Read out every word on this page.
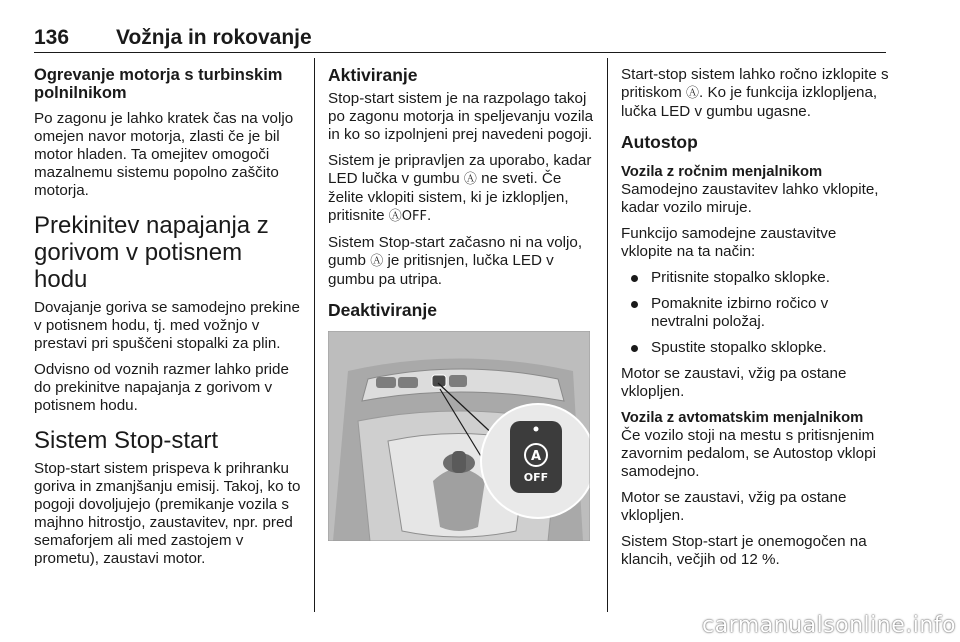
136 Vožnja in rokovanje
Ogrevanje motorja s turbinskim polnilnikom

Po zagonu je lahko kratek čas na voljo omejen navor motorja, zlasti če je bil motor hladen. Ta omejitev omogoči mazalnemu sistemu popolno zaščito motorja.

Prekinitev napajanja z gorivom v potisnem hodu

Dovajanje goriva se samodejno prekine v potisnem hodu, tj. med vožnjo v prestavi pri spuščeni stopalki za plin.

Odvisno od voznih razmer lahko pride do prekinitve napajanja z gorivom v potisnem hodu.

Sistem Stop-start

Stop-start sistem prispeva k prihranku goriva in zmanjšanju emisij. Takoj, ko to pogoji dovoljujejo (premikanje vozila s majhno hitrostjo, zaustavitev, npr. pred semaforjem ali med zastojem v prometu), zaustavi motor.

Aktiviranje

Stop-start sistem je na razpolago takoj po zagonu motorja in speljevanju vozila in ko so izpolnjeni prej navedeni pogoji.

Sistem je pripravljen za uporabo, kadar LED lučka v gumbu Ⓐ ne sveti. Če želite vklopiti sistem, ki je izklopljen, pritisnite ⒶOFF.

Sistem Stop-start začasno ni na voljo, gumb Ⓐ je pritisnjen, lučka LED v gumbu pa utripa.

Deaktiviranje
A
OFF

Start-stop sistem lahko ročno izklopite s pritiskom Ⓐ. Ko je funkcija izklopljena, lučka LED v gumbu ugasne.

Autostop
Vozila z ročnim menjalnikom

Samodejno zaustavitev lahko vklopite, kadar vozilo miruje.

Funkcijo samodejne zaustavitve vklopite na ta način:

Pritisnite stopalko sklopke.
Pomaknite izbirno ročico v nevtralni položaj.
Spustite stopalko sklopke.

Motor se zaustavi, vžig pa ostane vklopljen.

Vozila z avtomatskim menjalnikom

Če vozilo stoji na mestu s pritisnjenim zavornim pedalom, se Autostop vklopi samodejno.

Motor se zaustavi, vžig pa ostane vklopljen.

Sistem Stop-start je onemogočen na klancih, večjih od 12 %.

carmanualsonline.info
